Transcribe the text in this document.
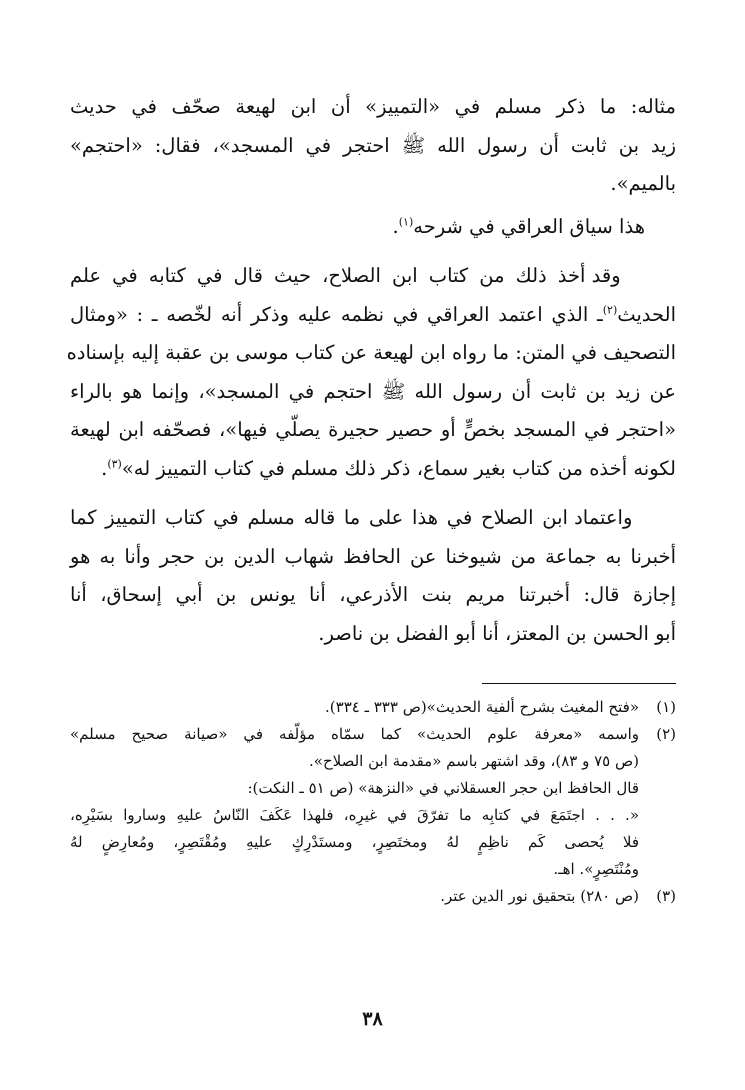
مثاله: ما ذكر مسلم في «التمييز» أن ابن لهيعة صحّف في حديث
زيد بن ثابت أن رسول الله ﷺ احتجر في المسجد»، فقال: «احتجم»
بالميم».

هذا سياق العراقي في شرحه$^{(١)}$.

وقد أخذ ذلك من كتاب ابن الصلاح، حيث قال في كتابه في علم
الحديث$^{(٢)}$ـ الذي اعتمد العراقي في نظمه عليه وذكر أنه لخّصه ـ : «ومثال
التصحيف في المتن: ما رواه ابن لهيعة عن كتاب موسى بن عقبة إليه بإسناده
عن زيد بن ثابت أن رسول الله ﷺ احتجم في المسجد»، وإنما هو بالراء
«احتجر في المسجد بخصٍّ أو حصير حجيرة يصلّي فيها»، فصحّفه ابن لهيعة
لكونه أخذه من كتاب بغير سماع، ذكر ذلك مسلم في كتاب التمييز له»$^{(٣)}$.

واعتماد ابن الصلاح في هذا على ما قاله مسلم في كتاب التمييز كما
أخبرنا به جماعة من شيوخنا عن الحافظ شهاب الدين بن حجر وأنا به هو
إجازة قال: أخبرتنا مريم بنت الأذرعي، أنا يونس بن أبي إسحاق، أنا
أبو الحسن بن المعتز، أنا أبو الفضل بن ناصر.

(١)
«فتح المغيث بشرح ألفية الحديث»(ص ٣٣٣ ـ ٣٣٤).
(٢)
واسمه «معرفة علوم الحديث» كما سمّاه مؤلّفه في «صيانة صحيح مسلم»
(ص ٧٥ و ٨٣)، وقد اشتهر باسم «مقدمة ابن الصلاح».
قال الحافظ ابن حجر العسقلاني في «النزهة» (ص ٥١ ـ النكت):
«. . . اجتَمَعَ في كتابِه ما تفرّقَ في غيرِه، فلهذا عَكَفَ النّاسُ عليهِ وساروا بسَيْرِه،
فلا يُحصى كَم ناظِمٍ لهُ ومختَصِرٍ، ومستَدْرِكٍ عليهِ ومُقْتَصِرٍ، ومُعارِضٍ لهُ
ومُنْتَصِرٍ». اهـ.
(٣)
(ص ٢٨٠) بتحقيق نور الدين عتر.
٣٨
